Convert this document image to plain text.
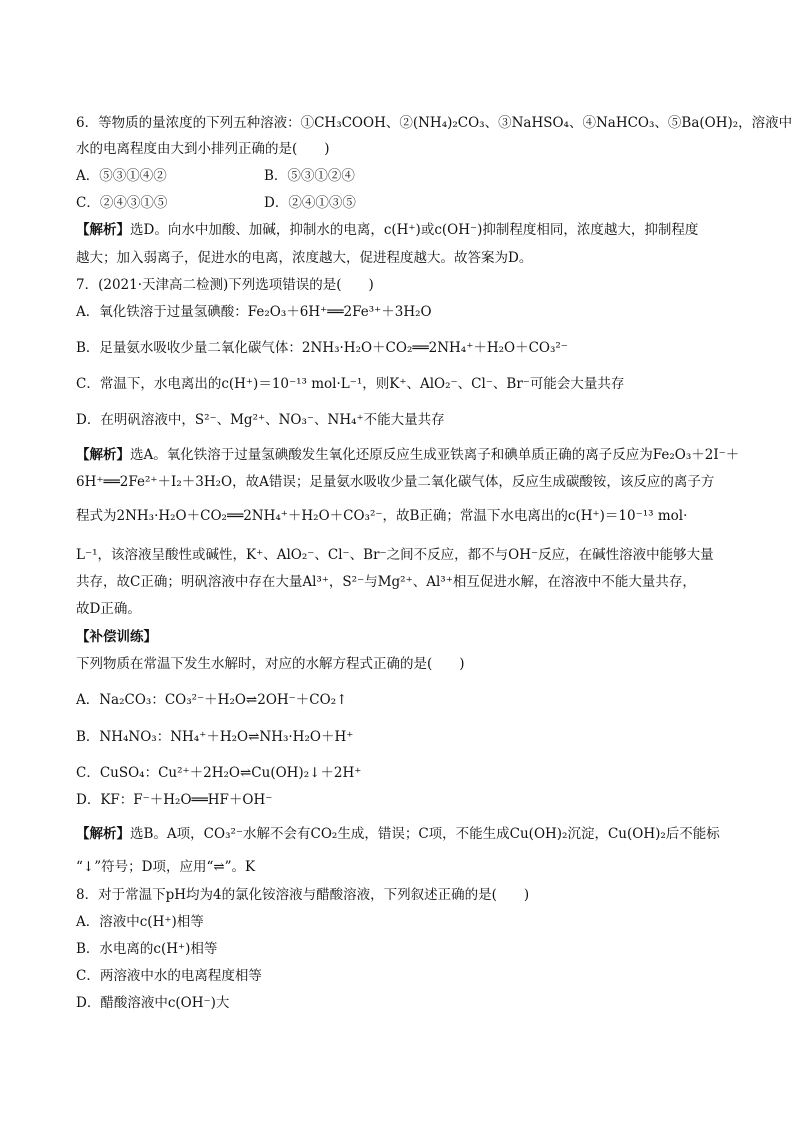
6．等物质的量浓度的下列五种溶液：①CH₃COOH、②(NH₄)₂CO₃、③NaHSO₄、④NaHCO₃、⑤Ba(OH)₂，溶液中
水的电离程度由大到小排列正确的是(　　)
A．⑤③①④②	B．⑤③①②④
C．②④③①⑤	D．②④①③⑤
【解析】选D。向水中加酸、加碱，抑制水的电离，c(H⁺)或c(OH⁻)抑制程度相同，浓度越大，抑制程度
越大；加入弱离子，促进水的电离，浓度越大，促进程度越大。故答案为D。
7．(2021·天津高二检测)下列选项错误的是(　　)
A．氧化铁溶于过量氢碘酸：Fe₂O₃＋6H⁺══2Fe³⁺＋3H₂O
B．足量氨水吸收少量二氧化碳气体：2NH₃·H₂O＋CO₂══2NH₄⁺＋H₂O＋CO₃²⁻
C．常温下，水电离出的c(H⁺)＝10⁻¹³ mol·L⁻¹，则K⁺、AlO₂⁻、Cl⁻、Br⁻可能会大量共存
D．在明矾溶液中，S²⁻、Mg²⁺、NO₃⁻、NH₄⁺不能大量共存
【解析】选A。氧化铁溶于过量氢碘酸发生氧化还原反应生成亚铁离子和碘单质正确的离子反应为Fe₂O₃＋2I⁻＋
6H⁺══2Fe²⁺＋I₂＋3H₂O，故A错误；足量氨水吸收少量二氧化碳气体，反应生成碳酸铵，该反应的离子方
程式为2NH₃·H₂O＋CO₂══2NH₄⁺＋H₂O＋CO₃²⁻，故B正确；常温下水电离出的c(H⁺)＝10⁻¹³ mol·
L⁻¹，该溶液呈酸性或碱性，K⁺、AlO₂⁻、Cl⁻、Br⁻之间不反应，都不与OH⁻反应，在碱性溶液中能够大量
共存，故C正确；明矾溶液中存在大量Al³⁺，S²⁻与Mg²⁺、Al³⁺相互促进水解，在溶液中不能大量共存，
故D正确。
【补偿训练】
下列物质在常温下发生水解时，对应的水解方程式正确的是(　　)
A．Na₂CO₃：CO₃²⁻＋H₂O⇌2OH⁻＋CO₂↑
B．NH₄NO₃：NH₄⁺＋H₂O⇌NH₃·H₂O＋H⁺
C．CuSO₄：Cu²⁺＋2H₂O⇌Cu(OH)₂↓＋2H⁺
D．KF：F⁻＋H₂O══HF＋OH⁻
【解析】选B。A项，CO₃²⁻水解不会有CO₂生成，错误；C项，不能生成Cu(OH)₂沉淀，Cu(OH)₂后不能标
“↓”符号；D项，应用“⇌”。K
8．对于常温下pH均为4的氯化铵溶液与醋酸溶液，下列叙述正确的是(　　)
A．溶液中c(H⁺)相等
B．水电离的c(H⁺)相等
C．两溶液中水的电离程度相等
D．醋酸溶液中c(OH⁻)大
